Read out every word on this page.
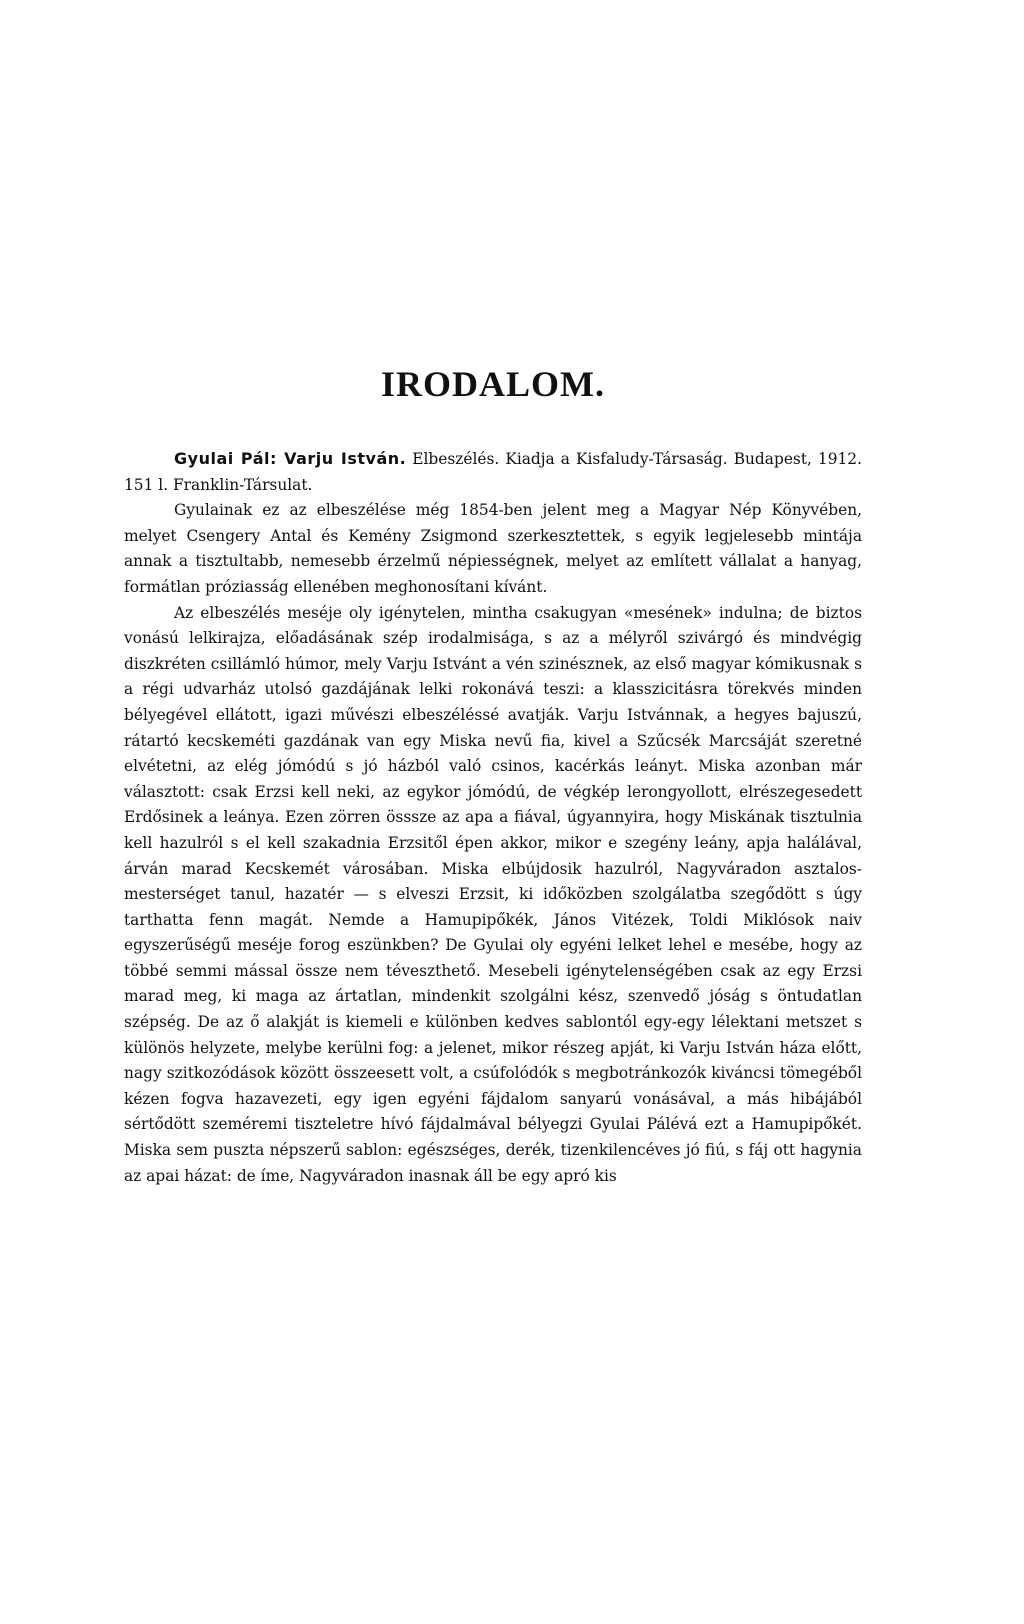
IRODALOM.

Gyulai Pál: Varju István. Elbeszélés. Kiadja a Kisfaludy-Társaság. Budapest, 1912. 151 l. Franklin-Társulat.

Gyulainak ez az elbeszélése még 1854-ben jelent meg a Magyar Nép Könyvében, melyet Csengery Antal és Kemény Zsigmond szerkesztettek, s egyik legjelesebb mintája annak a tisztultabb, nemesebb érzelmű népiességnek, melyet az említett vállalat a hanyag, formátlan próziasság ellenében meghonosítani kívánt.

Az elbeszélés meséje oly igénytelen, mintha csakugyan «mesének» indulna; de biztos vonású lelkirajza, előadásának szép irodalmisága, s az a mélyről szivárgó és mindvégig diszkréten csillámló húmor, mely Varju Istvánt a vén szinésznek, az első magyar kómikusnak s a régi udvarház utolsó gazdájának lelki rokonává teszi: a klasszicitásra törekvés minden bélyegével ellátott, igazi művészi elbeszéléssé avatják. Varju Istvánnak, a hegyes bajuszú, rátartó kecskeméti gazdának van egy Miska nevű fia, kivel a Szűcsék Marcsáját szeretné elvétetni, az elég jómódú s jó házból való csinos, kacérkás leányt. Miska azonban már választott: csak Erzsi kell neki, az egykor jómódú, de végkép lerongyollott, elrészegesedett Erdősinek a leánya. Ezen zörren össsze az apa a fiával, úgyannyira, hogy Miskának tisztulnia kell hazulról s el kell szakadnia Erzsitől épen akkor, mikor e szegény leány, apja halálával, árván marad Kecskemét városában. Miska elbújdosik hazulról, Nagyváradon asztalos-mesterséget tanul, hazatér — s elveszi Erzsit, ki időközben szolgálatba szegődött s úgy tarthatta fenn magát. Nemde a Hamupipőkék, János Vitézek, Toldi Miklósok naiv egyszerűségű meséje forog eszünkben? De Gyulai oly egyéni lelket lehel e mesébe, hogy az többé semmi mással össze nem téveszthető. Mesebeli igénytelenségében csak az egy Erzsi marad meg, ki maga az ártatlan, mindenkit szolgálni kész, szenvedő jóság s öntudatlan szépség. De az ő alakját is kiemeli e különben kedves sablontól egy-egy lélektani metszet s különös helyzete, melybe kerülni fog: a jelenet, mikor részeg apját, ki Varju István háza előtt, nagy szitkozódások között összeesett volt, a csúfolódók s megbotránkozók kiváncsi tömegéből kézen fogva hazavezeti, egy igen egyéni fájdalom sanyarú vonásával, a más hibájából sértődött szeméremi tiszteletre hívó fájdalmával bélyegzi Gyulai Pálévá ezt a Hamupipőkét. Miska sem puszta népszerű sablon: egészséges, derék, tizenkilencéves jó fiú, s fáj ott hagynia az apai házat: de íme, Nagyváradon inasnak áll be egy apró kis
